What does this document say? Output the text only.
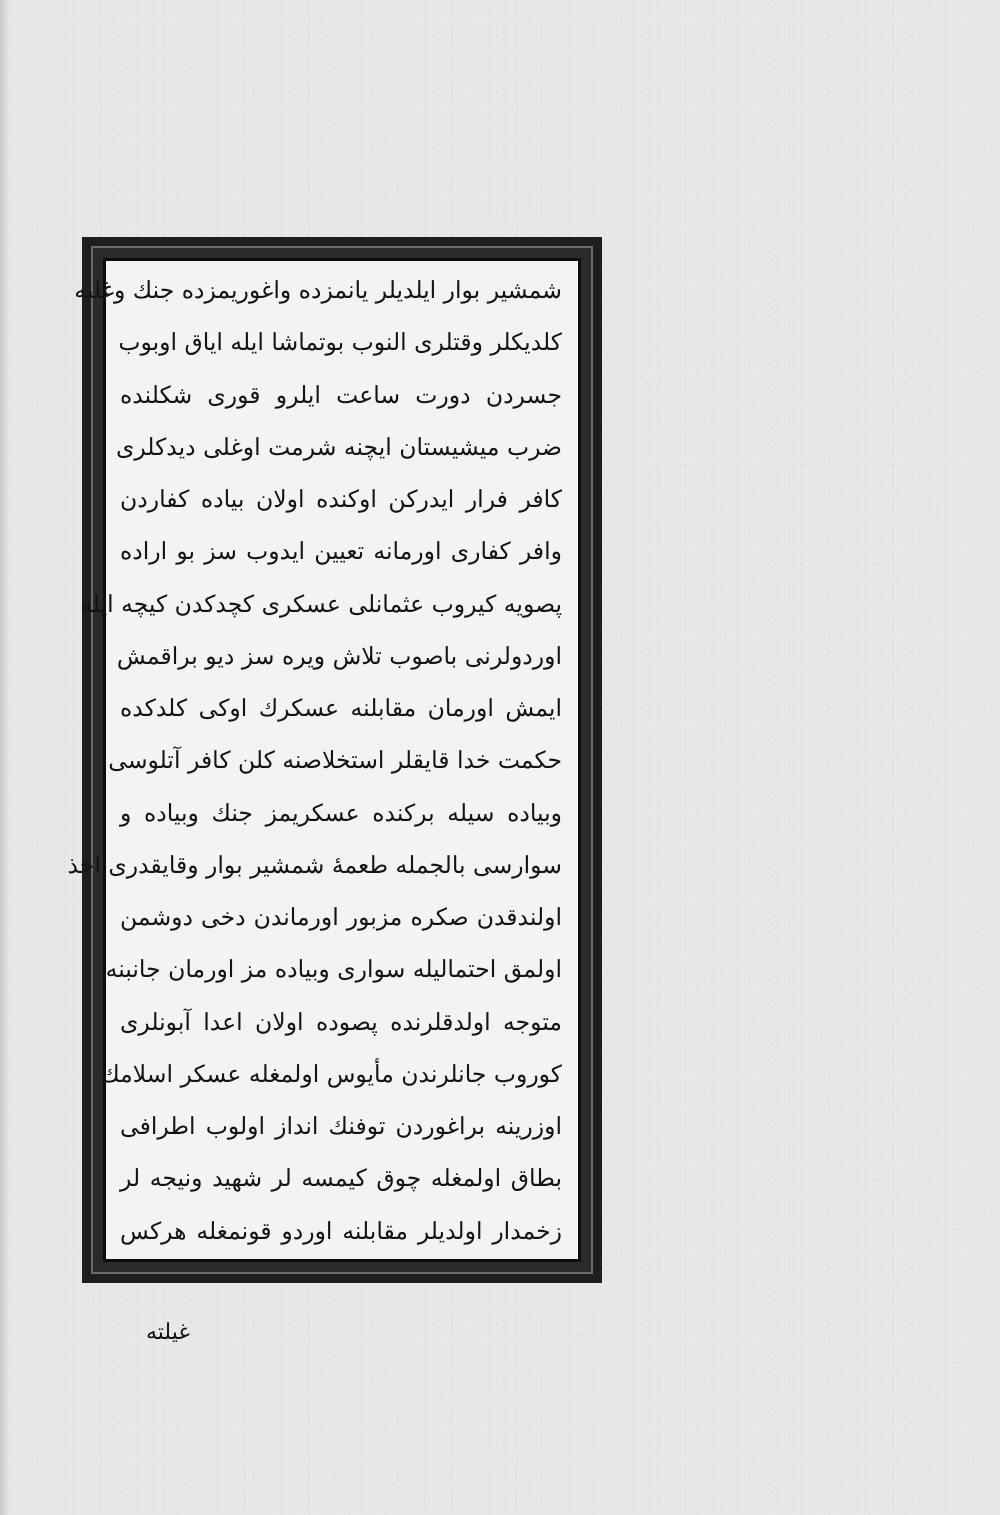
شمشیر بوار ایلدیلر یانمزده واغوریمزده جنك وغلبه
کلدیکلر وقتلری النوب بوتماشا ایله ایاق اوبوب
جسردن دورت ساعت ایلرو قوری شکلنده
ضرب میشیستان ایچنه شرمت اوغلی دیدکلری
کافر فرار ایدرکن اوکنده اولان بیاده کفاردن
وافر کفاری اورمانه تعیین ایدوب سز بو اراده
پصویه کیروب عثمانلی عسکری کچدکدن کیچه ایله
اوردولرنی باصوب تلاش ویره سز دیو براقمش
ایمش اورمان مقابلنه عسکرك اوکی کلدکده
حکمت خدا قایقلر استخلاصنه کلن کافر آتلوسی
وبیاده سیله برکنده عسکریمز جنك وبیاده و
سوارسی بالجمله طعمهٔ شمشیر بوار وقایقدری اخذ
اولندقدن صکره مزبور اورماندن دخی دوشمن
اولمق احتمالیله سواری وبیاده مز اورمان جانبنه
متوجه اولدقلرنده پصوده اولان اعدا آبونلری
کوروب جانلرندن مأیوس اولمغله عسکر اسلامك
اوزرینه براغوردن توفنك انداز اولوب اطرافی
بطاق اولمغله چوق کیمسه لر شهید ونیجه لر
زخمدار اولدیلر مقابلنه اوردو قونمغله هرکس
غیلته
